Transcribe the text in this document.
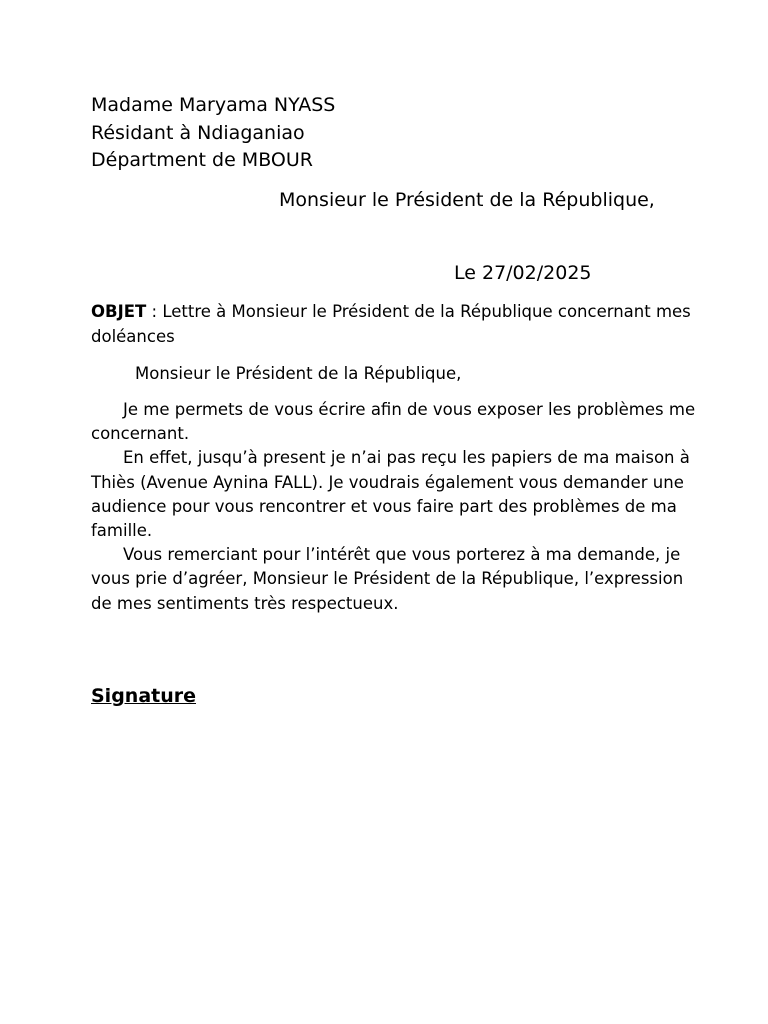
Madame Maryama NYASS
Résidant à Ndiaganiao
Départment de MBOUR
Monsieur le Président de la République,
Le 27/02/2025
OBJET : Lettre à Monsieur le Président de la République concernant mes doléances
Monsieur le Président de la République,

Je me permets de vous écrire afin de vous exposer les problèmes me concernant.

En effet, jusqu’à present je n’ai pas reçu les papiers de ma maison à Thiès (Avenue Aynina FALL). Je voudrais également vous demander une audience pour vous rencontrer et vous faire part des problèmes de ma famille.

Vous remerciant pour l’intérêt que vous porterez à ma demande, je vous prie d’agréer, Monsieur le Président de la République, l’expression de mes sentiments très respectueux.

Signature
